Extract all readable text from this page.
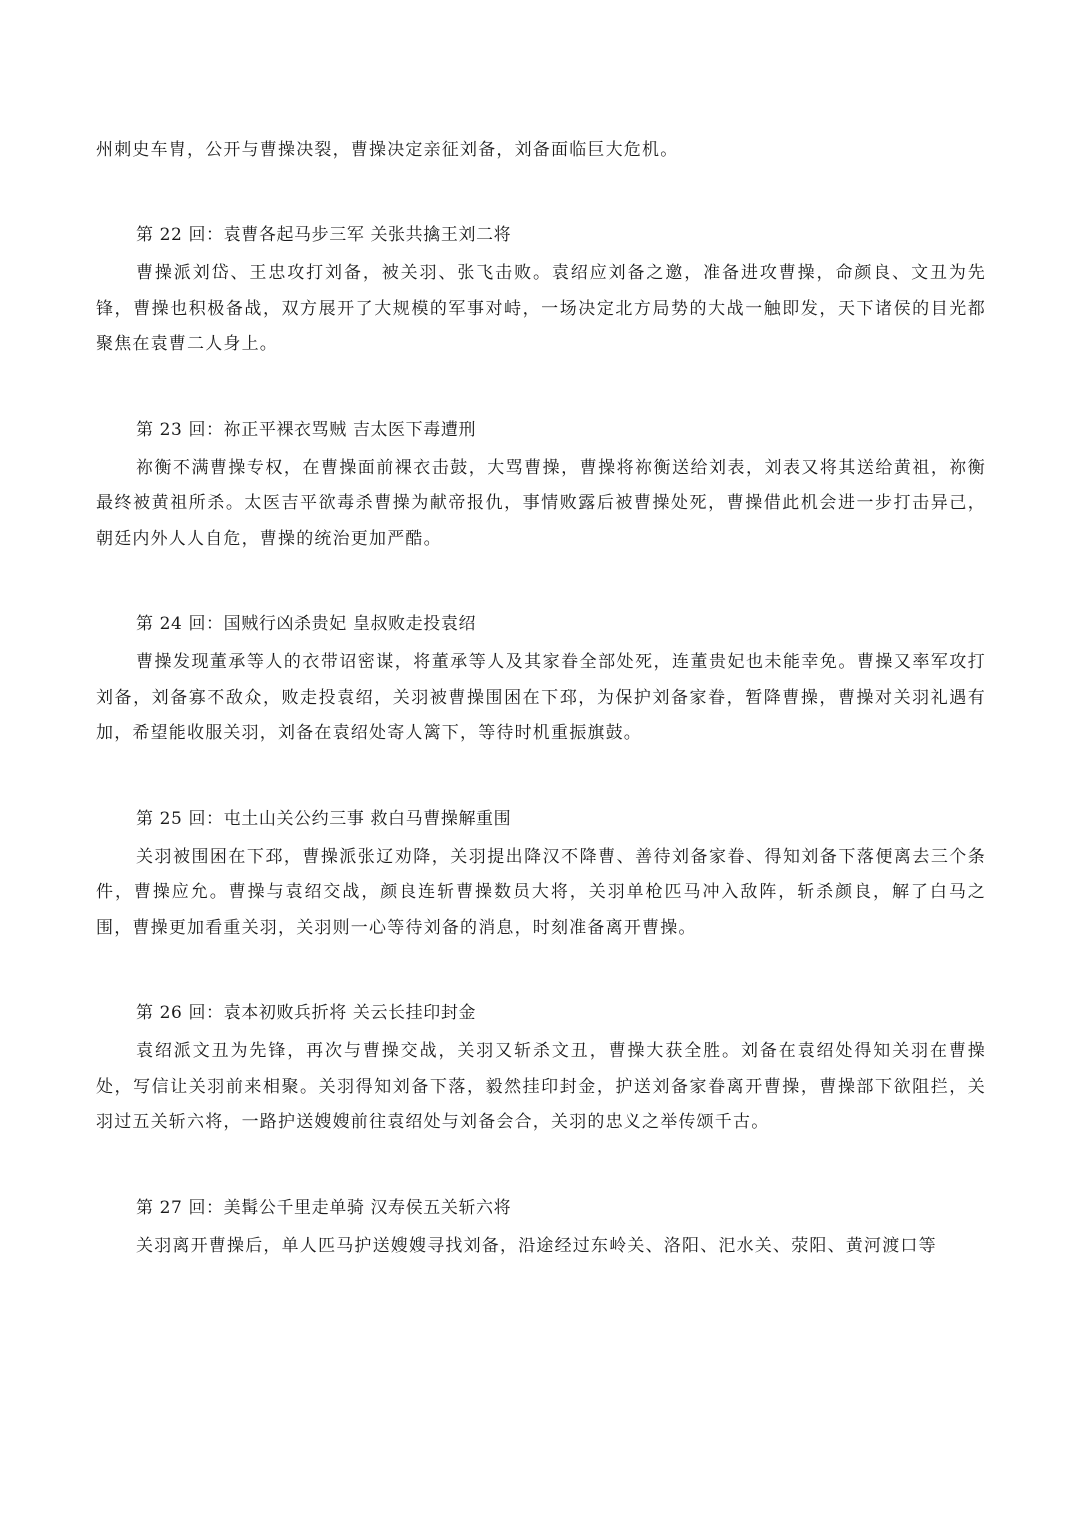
州刺史车胄，公开与曹操决裂，曹操决定亲征刘备，刘备面临巨大危机。
第 22 回：袁曹各起马步三军 关张共擒王刘二将

曹操派刘岱、王忠攻打刘备，被关羽、张飞击败。袁绍应刘备之邀，准备进攻曹操，命颜良、文丑为先锋，曹操也积极备战，双方展开了大规模的军事对峙，一场决定北方局势的大战一触即发，天下诸侯的目光都聚焦在袁曹二人身上。

第 23 回：祢正平裸衣骂贼 吉太医下毒遭刑

祢衡不满曹操专权，在曹操面前裸衣击鼓，大骂曹操，曹操将祢衡送给刘表，刘表又将其送给黄祖，祢衡最终被黄祖所杀。太医吉平欲毒杀曹操为献帝报仇，事情败露后被曹操处死，曹操借此机会进一步打击异己，朝廷内外人人自危，曹操的统治更加严酷。

第 24 回：国贼行凶杀贵妃 皇叔败走投袁绍

曹操发现董承等人的衣带诏密谋，将董承等人及其家眷全部处死，连董贵妃也未能幸免。曹操又率军攻打刘备，刘备寡不敌众，败走投袁绍，关羽被曹操围困在下邳，为保护刘备家眷，暂降曹操，曹操对关羽礼遇有加，希望能收服关羽，刘备在袁绍处寄人篱下，等待时机重振旗鼓。

第 25 回：屯土山关公约三事 救白马曹操解重围

关羽被围困在下邳，曹操派张辽劝降，关羽提出降汉不降曹、善待刘备家眷、得知刘备下落便离去三个条件，曹操应允。曹操与袁绍交战，颜良连斩曹操数员大将，关羽单枪匹马冲入敌阵，斩杀颜良，解了白马之围，曹操更加看重关羽，关羽则一心等待刘备的消息，时刻准备离开曹操。

第 26 回：袁本初败兵折将 关云长挂印封金

袁绍派文丑为先锋，再次与曹操交战，关羽又斩杀文丑，曹操大获全胜。刘备在袁绍处得知关羽在曹操处，写信让关羽前来相聚。关羽得知刘备下落，毅然挂印封金，护送刘备家眷离开曹操，曹操部下欲阻拦，关羽过五关斩六将，一路护送嫂嫂前往袁绍处与刘备会合，关羽的忠义之举传颂千古。

第 27 回：美髯公千里走单骑 汉寿侯五关斩六将

关羽离开曹操后，单人匹马护送嫂嫂寻找刘备，沿途经过东岭关、洛阳、汜水关、荥阳、黄河渡口等
